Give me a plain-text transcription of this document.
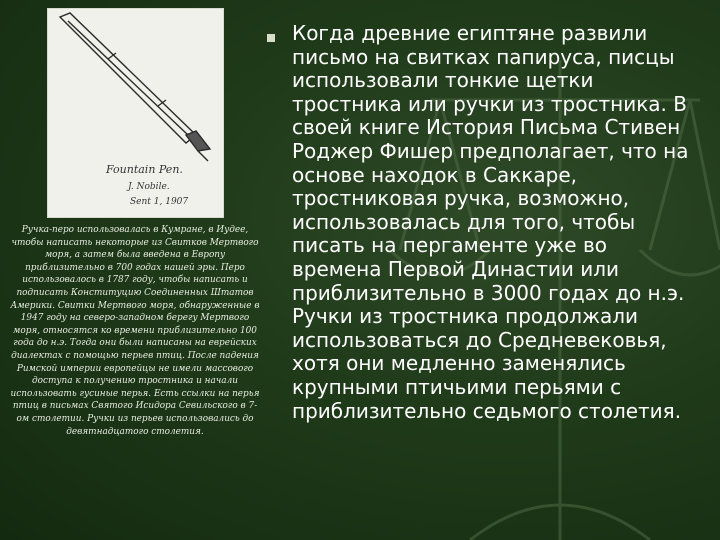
Fountain Pen.
J. Nobile.
Sent 1, 1907

Ручка-перо использовалась в Кумране, в Иудее, чтобы написать некоторые из Свитков Мертвого моря, а затем была введена в Европу приблизительно в 700 годах нашей эры. Перо использовалось в 1787 году, чтобы написать и подписать Конституцию Соединенных Штатов Америки. Свитки Мертвого моря, обнаруженные в 1947 году на северо-западном берегу Мертвого моря, относятся ко времени приблизительно 100 года до н.э. Тогда они были написаны на еврейских диалектах с помощью перьев птиц. После падения Римской империи европейцы не имели массового доступа к получению тростника и начали использовать гусиные перья. Есть ссылки на перья птиц в письмах Святого Исидора Севильского в 7-ом столетии. Ручки из перьев использовались до девятнадцатого столетия.

Когда древние египтяне развили
письмо на свитках папируса, писцы
использовали тонкие щетки
тростника или ручки из тростника. В
своей книге История Письма Стивен
Роджер Фишер предполагает, что на
основе находок в Саккаре,
тростниковая ручка, возможно,
использовалась для того, чтобы
писать на пергаменте уже во
времена Первой Династии или
приблизительно в 3000 годах до н.э.
Ручки из тростника продолжали
использоваться до Средневековья,
хотя они медленно заменялись
крупными птичьими перьями с
приблизительно седьмого столетия.
